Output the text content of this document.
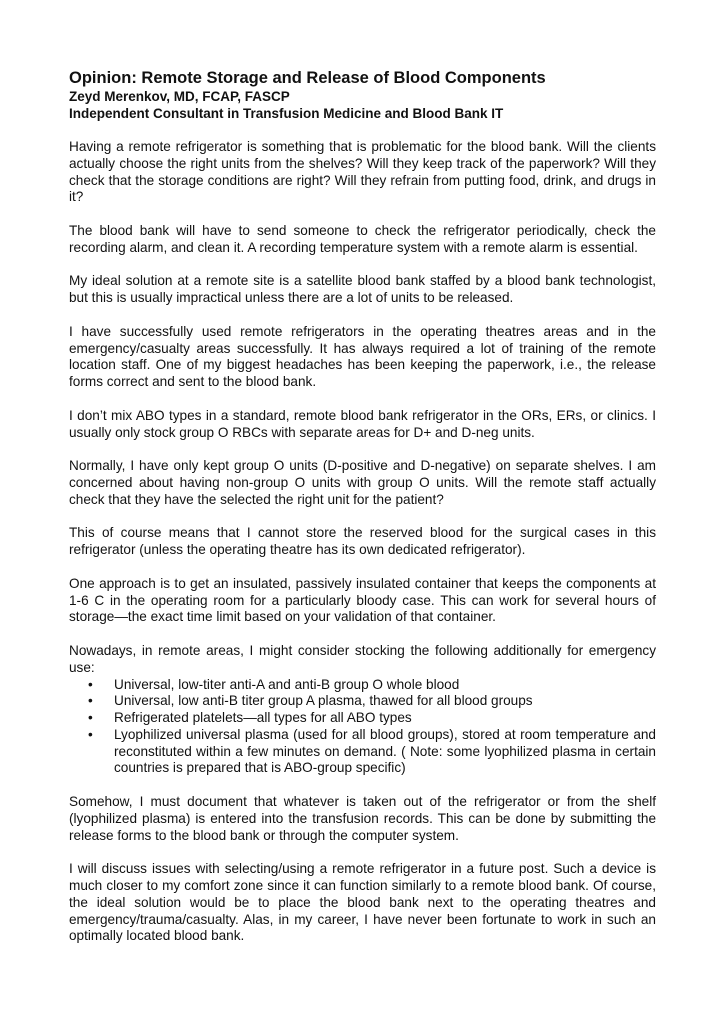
Opinion: Remote Storage and Release of Blood Components

Zeyd Merenkov, MD, FCAP, FASCP

Independent Consultant in Transfusion Medicine and Blood Bank IT

Having a remote refrigerator is something that is problematic for the blood bank. Will the clients actually choose the right units from the shelves? Will they keep track of the paperwork? Will they check that the storage conditions are right? Will they refrain from putting food, drink, and drugs in it?

The blood bank will have to send someone to check the refrigerator periodically, check the recording alarm, and clean it. A recording temperature system with a remote alarm is essential.

My ideal solution at a remote site is a satellite blood bank staffed by a blood bank technologist, but this is usually impractical unless there are a lot of units to be released.

I have successfully used remote refrigerators in the operating theatres areas and in the emergency/casualty areas successfully. It has always required a lot of training of the remote location staff. One of my biggest headaches has been keeping the paperwork, i.e., the release forms correct and sent to the blood bank.

I don’t mix ABO types in a standard, remote blood bank refrigerator in the ORs, ERs, or clinics. I usually only stock group O RBCs with separate areas for D+ and D-neg units.

Normally, I have only kept group O units (D-positive and D-negative) on separate shelves. I am concerned about having non-group O units with group O units. Will the remote staff actually check that they have the selected the right unit for the patient?

This of course means that I cannot store the reserved blood for the surgical cases in this refrigerator (unless the operating theatre has its own dedicated refrigerator).

One approach is to get an insulated, passively insulated container that keeps the components at 1-6 C in the operating room for a particularly bloody case. This can work for several hours of storage—the exact time limit based on your validation of that container.

Nowadays, in remote areas, I might consider stocking the following additionally for emergency use:

• Universal, low-titer anti-A and anti-B group O whole blood
• Universal, low anti-B titer group A plasma, thawed for all blood groups
• Refrigerated platelets—all types for all ABO types
• Lyophilized universal plasma (used for all blood groups), stored at room temperature and reconstituted within a few minutes on demand. ( Note: some lyophilized plasma in certain countries is prepared that is ABO-group specific)

Somehow, I must document that whatever is taken out of the refrigerator or from the shelf (lyophilized plasma) is entered into the transfusion records. This can be done by submitting the release forms to the blood bank or through the computer system.

I will discuss issues with selecting/using a remote refrigerator in a future post. Such a device is much closer to my comfort zone since it can function similarly to a remote blood bank. Of course, the ideal solution would be to place the blood bank next to the operating theatres and emergency/trauma/casualty. Alas, in my career, I have never been fortunate to work in such an optimally located blood bank.
